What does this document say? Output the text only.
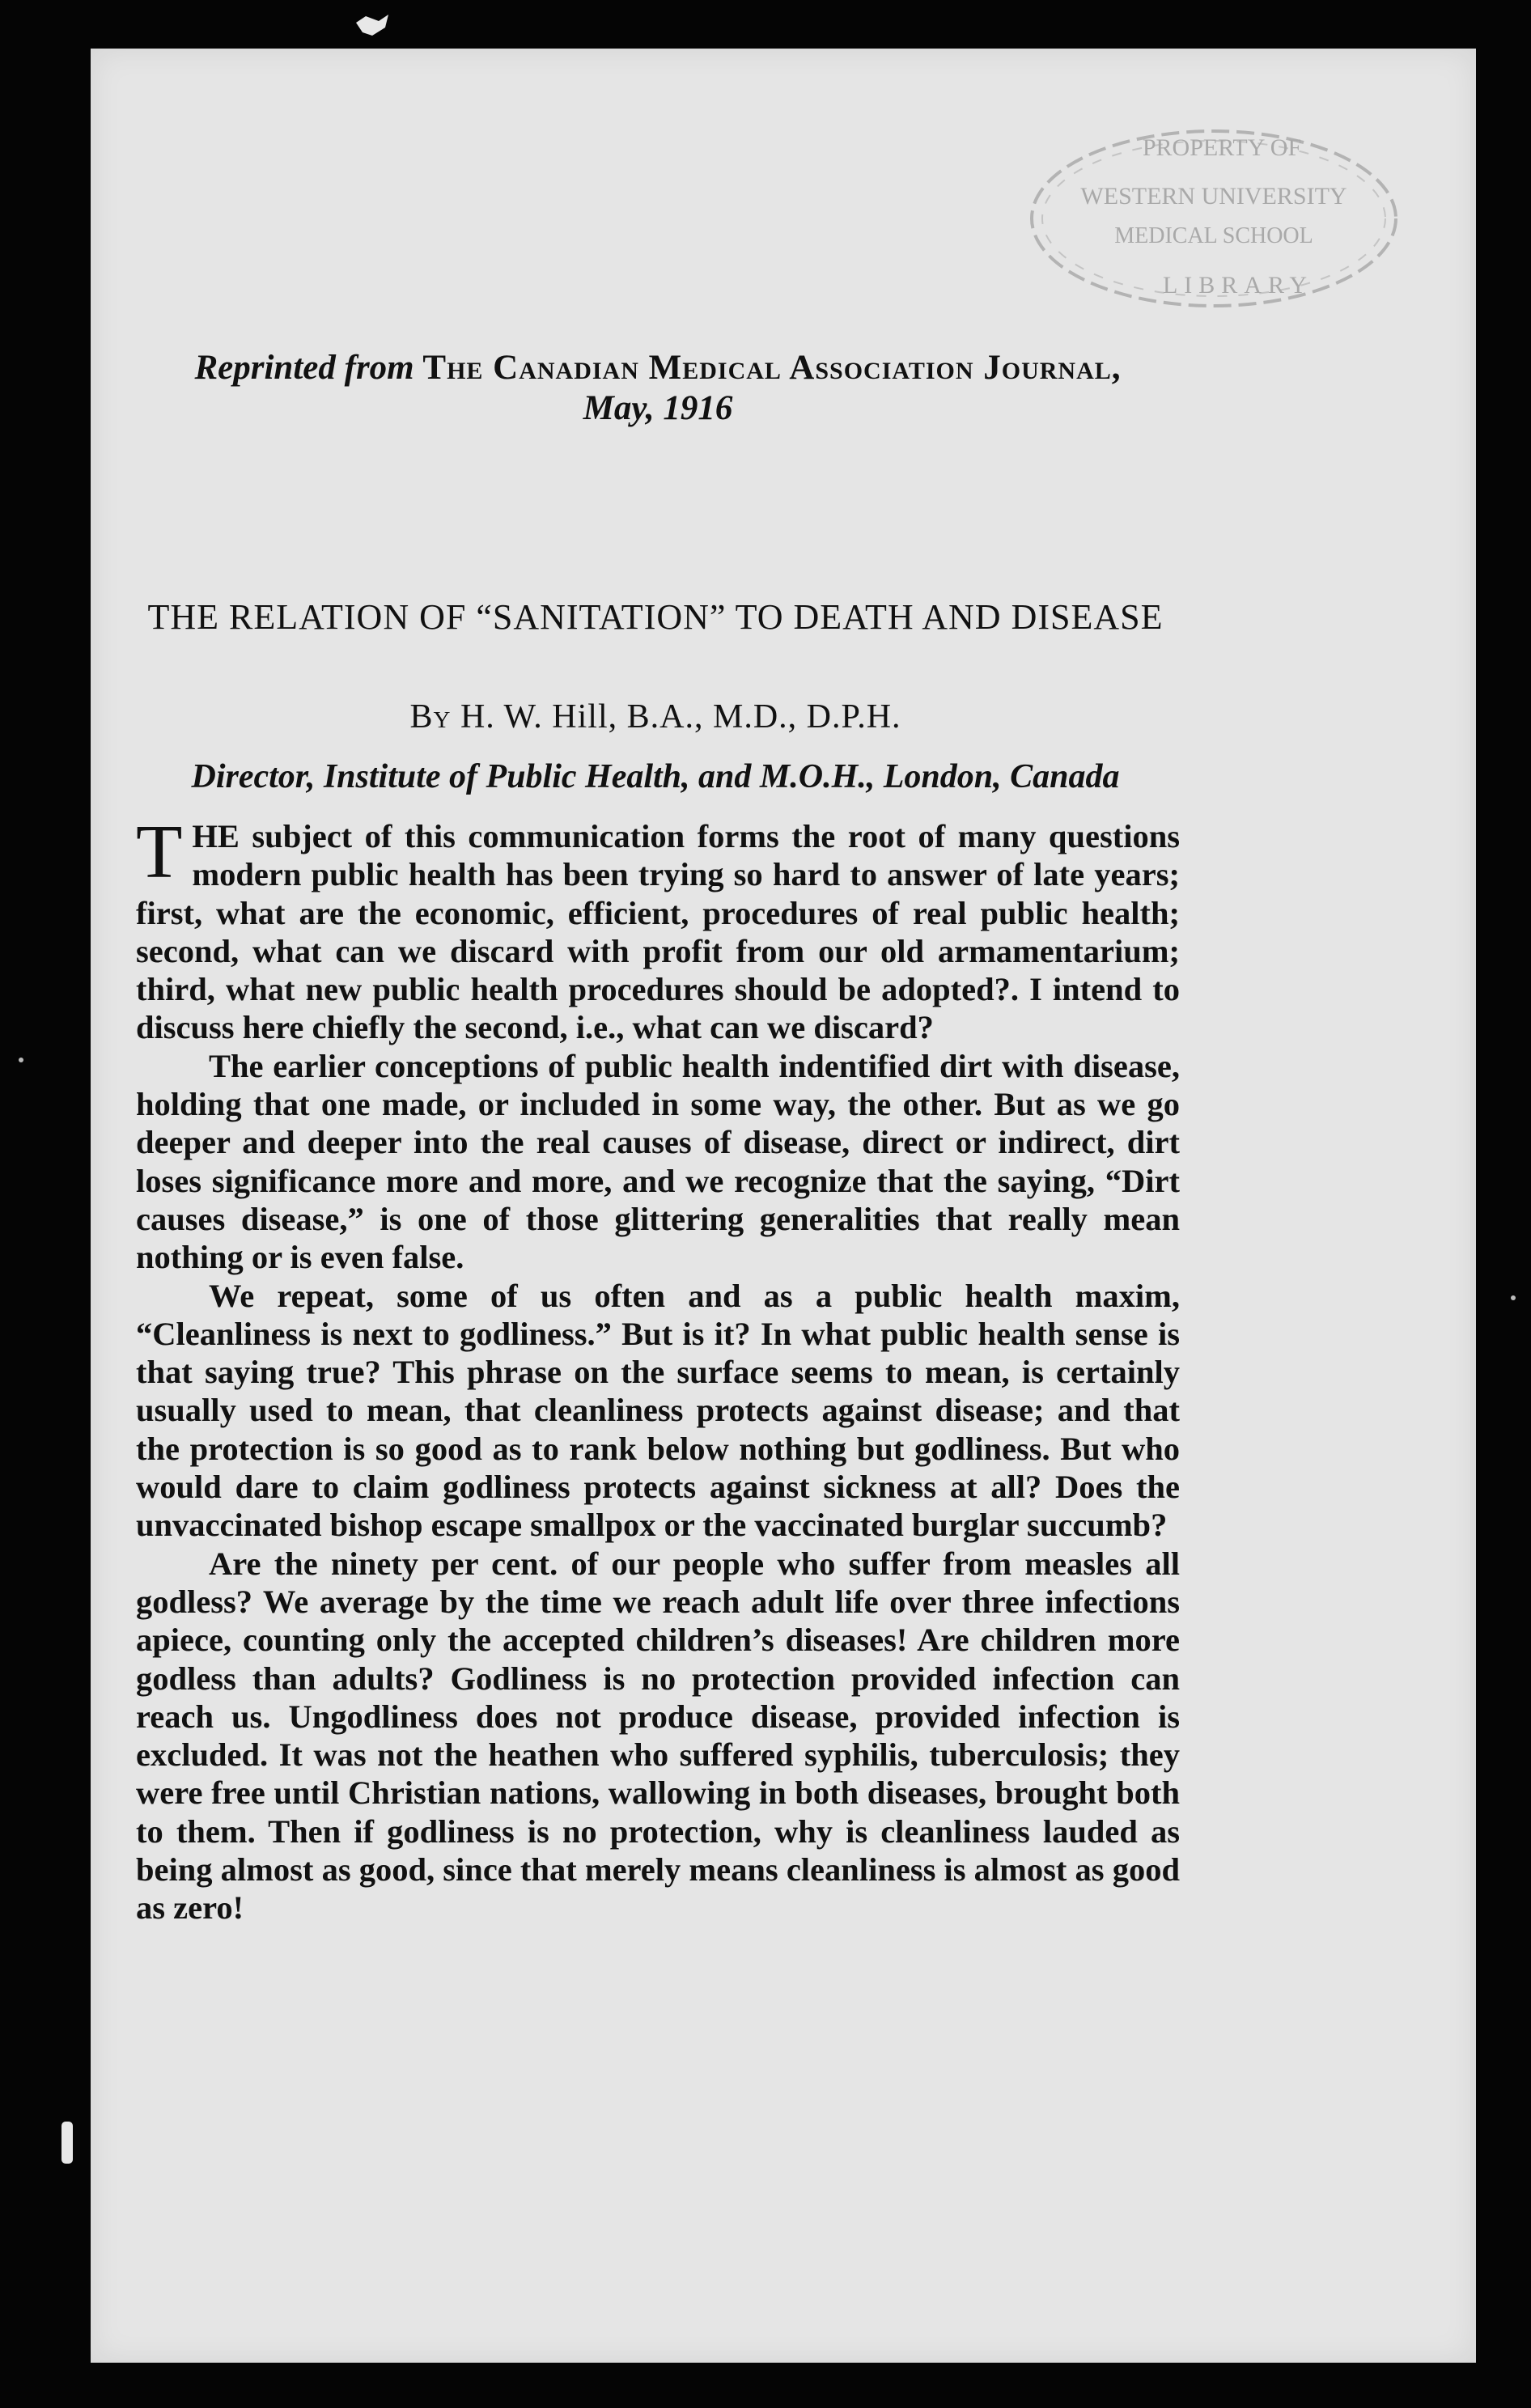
PROPERTY OF
WESTERN UNIVERSITY
MEDICAL SCHOOL
LIBRARY
Reprinted from The Canadian Medical Association Journal,
May, 1916
THE RELATION OF “SANITATION” TO DEATH AND DISEASE
By H. W. Hill, B.A., M.D., D.P.H.
Director, Institute of Public Health, and M.O.H., London, Canada

THE subject of this communication forms the root of many questions modern public health has been trying so hard to answer of late years; first, what are the economic, efficient, procedures of real public health; second, what can we discard with profit from our old armamentarium; third, what new public health procedures should be adopted?. I intend to discuss here chiefly the second, i.e., what can we discard?

The earlier conceptions of public health indentified dirt with disease, holding that one made, or included in some way, the other. But as we go deeper and deeper into the real causes of disease, direct or indirect, dirt loses significance more and more, and we recognize that the saying, “Dirt causes disease,” is one of those glittering generalities that really mean nothing or is even false.

We repeat, some of us often and as a public health maxim, “Cleanliness is next to godliness.” But is it? In what public health sense is that saying true? This phrase on the surface seems to mean, is certainly usually used to mean, that cleanliness protects against disease; and that the protection is so good as to rank below nothing but godliness. But who would dare to claim godliness protects against sickness at all? Does the unvaccinated bishop escape smallpox or the vaccinated burglar succumb?

Are the ninety per cent. of our people who suffer from measles all godless? We average by the time we reach adult life over three infections apiece, counting only the accepted children’s diseases! Are children more godless than adults? Godliness is no protection provided infection can reach us. Ungodliness does not produce disease, provided infection is excluded. It was not the heathen who suffered syphilis, tuberculosis; they were free until Christian nations, wallowing in both diseases, brought both to them. Then if godliness is no protection, why is cleanliness lauded as being almost as good, since that merely means cleanliness is almost as good as zero!
